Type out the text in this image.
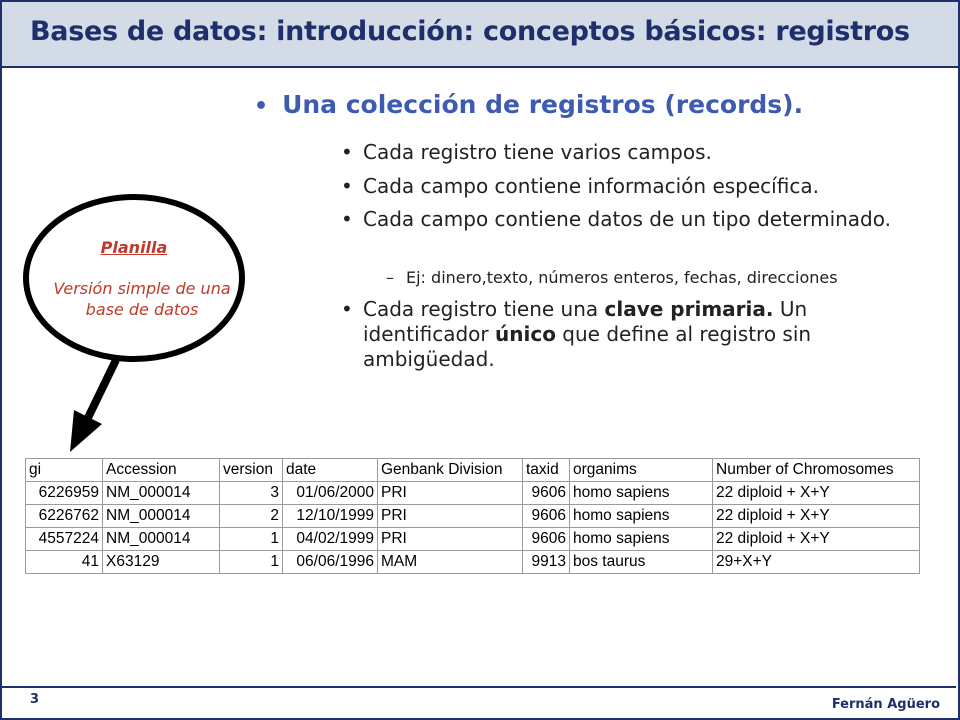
Bases de datos: introducción: conceptos básicos: registros
• Una colección de registros (records).
• Cada registro tiene varios campos.
• Cada campo contiene información específica.
• Cada campo contiene datos de un tipo determinado.
– Ej: dinero,texto, números enteros, fechas, direcciones
• Cada registro tiene una clave primaria. Un identificador único que define al registro sin ambigüedad.
Planilla
Versión simple de una base de datos
gi	Accession	version	date	Genbank Division	taxid	organims	Number of Chromosomes
6226959	NM_000014	3	01/06/2000	PRI	9606	homo sapiens	22 diploid + X+Y
6226762	NM_000014	2	12/10/1999	PRI	9606	homo sapiens	22 diploid + X+Y
4557224	NM_000014	1	04/02/1999	PRI	9606	homo sapiens	22 diploid + X+Y
41	X63129	1	06/06/1996	MAM	9913	bos taurus	29+X+Y
3	Fernán Agüero
